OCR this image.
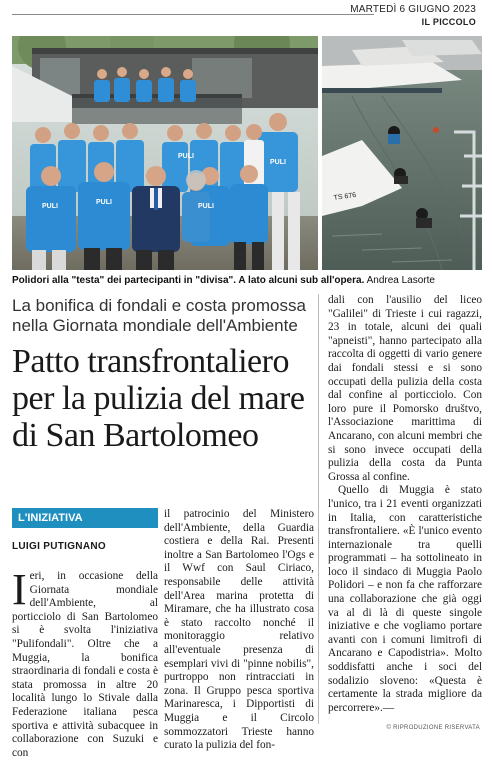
MARTEDÌ 6 GIUGNO 2023
IL PICCOLO
PULI
PULI
PULI
PULI
PULI
TS 676
Polidori alla "testa" dei partecipanti in "divisa". A lato alcuni sub all'opera. Andrea Lasorte
La bonifica di fondali e costa promossa nella Giornata mondiale dell'Ambiente
Patto transfrontaliero per la pulizia del mare di San Bartolomeo
L'INIZIATIVA
LUIGI PUTIGNANO
I eri, in occasione della Giornata mondiale dell'Ambiente, al porticciolo di San Bartolomeo si è svolta l'iniziativa "Pulifondali". Oltre che a Muggia, la bonifica straordinaria di fondali e costa è stata promossa in altre 20 località lungo lo Stivale dalla Federazione italiana pesca sportiva e attività subacquee in collaborazione con Suzuki e con
il patrocinio del Ministero dell'Ambiente, della Guardia costiera e della Rai. Presenti inoltre a San Bartolomeo l'Ogs e il Wwf con Saul Ciriaco, responsabile delle attività dell'Area marina protetta di Miramare, che ha illustrato cosa è stato raccolto nonché il monitoraggio relativo all'eventuale presenza di esemplari vivi di "pinne nobilis", purtroppo non rintracciati in zona. Il Gruppo pesca sportiva Marinaresca, i Dipportisti di Muggia e il Circolo sommozzatori Trieste hanno curato la pulizia del fon-

dali con l'ausilio del liceo "Galilei" di Trieste i cui ragazzi, 23 in totale, alcuni dei quali "apneisti", hanno partecipato alla raccolta di oggetti di vario genere dai fondali stessi e si sono occupati della pulizia della costa dal confine al porticciolo. Con loro pure il Pomorsko društvo, l'Associazione marittima di Ancarano, con alcuni membri che si sono invece occupati della pulizia della costa da Punta Grossa al confine.

Quello di Muggia è stato l'unico, tra i 21 eventi organizzati in Italia, con caratteristiche transfrontaliere. «È l'unico evento internazionale tra quelli programmati – ha sottolineato in loco il sindaco di Muggia Paolo Polidori – e non fa che rafforzare una collaborazione che già oggi va al di là di queste singole iniziative e che vogliamo portare avanti con i comuni limitrofi di Ancarano e Capodistria». Molto soddisfatti anche i soci del sodalizio sloveno: «Questa è certamente la strada migliore da percorrere».—

© RIPRODUZIONE RISERVATA
